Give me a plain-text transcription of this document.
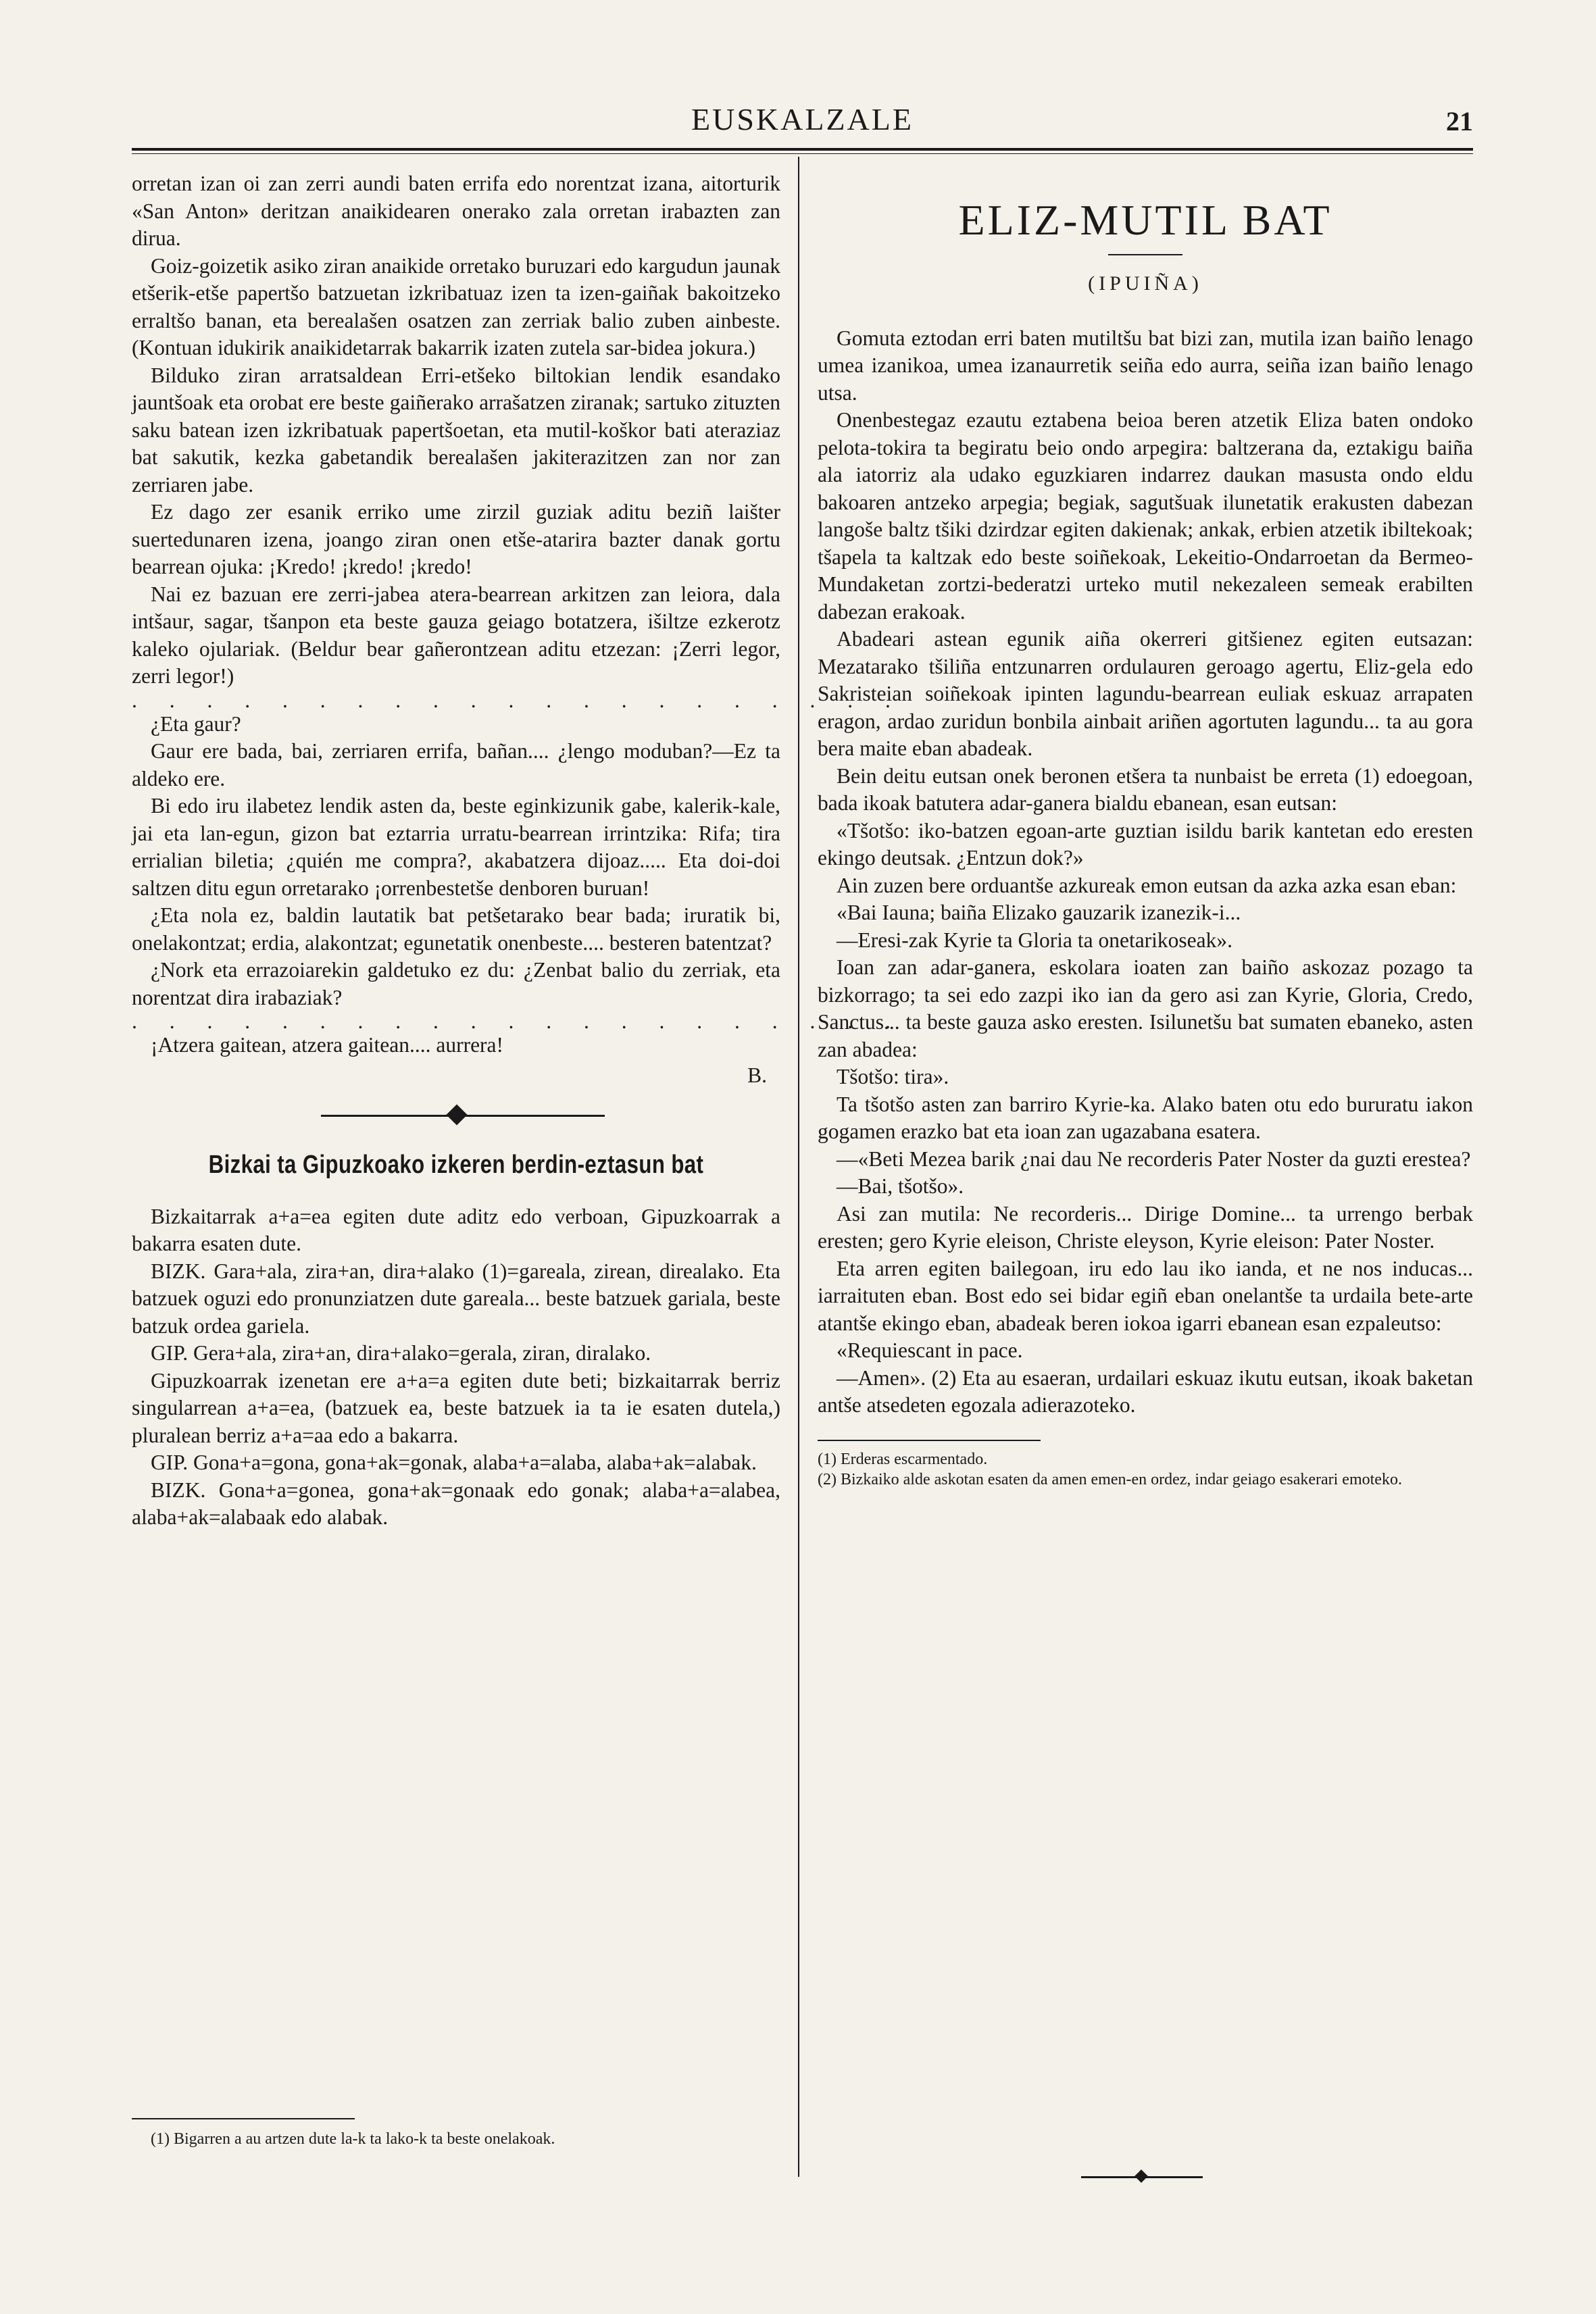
EUSKALZALE	21

orretan izan oi zan zerri aundi baten errifa edo norentzat izana, aitorturik «San Anton» deritzan anaikidearen onerako zala orretan irabazten zan dirua.

Goiz-goizetik asiko ziran anaikide orretako buruzari edo kargudun jaunak etšerik-etše papertšo batzuetan izkribatuaz izen ta izen-gaiñak bakoitzeko erraltšo banan, eta berealašen osatzen zan zerriak balio zuben ainbeste. (Kontuan idukirik anaikidetarrak bakarrik izaten zutela sar-bidea jokura.)

Bilduko ziran arratsaldean Erri-etšeko biltokian lendik esandako jauntšoak eta orobat ere beste gaiñerako arrašatzen ziranak; sartuko zituzten saku batean izen izkribatuak papertšoetan, eta mutil-koškor bati ateraziaz bat sakutik, kezka gabetandik berealašen jakiterazitzen zan nor zan zerriaren jabe.

Ez dago zer esanik erriko ume zirzil guziak aditu beziñ laišter suertedunaren izena, joango ziran onen etše-atarira bazter danak gortu bearrean ojuka: ¡Kredo! ¡kredo! ¡kredo!

Nai ez bazuan ere zerri-jabea atera-bearrean arkitzen zan leiora, dala intšaur, sagar, tšanpon eta beste gauza geiago botatzera, išiltze ezkerotz kaleko ojulariak. (Beldur bear gañerontzean aditu etzezan: ¡Zerri legor, zerri legor!)

. . . . . . . . . . . . . . . . . . . . .

¿Eta gaur?

Gaur ere bada, bai, zerriaren errifa, bañan.... ¿lengo moduban?—Ez ta aldeko ere.

Bi edo iru ilabetez lendik asten da, beste eginkizunik gabe, kalerik-kale, jai eta lan-egun, gizon bat eztarria urratu-bearrean irrintzika: Rifa; tira errialian biletia; ¿quién me compra?, akabatzera dijoaz..... Eta doi-doi saltzen ditu egun orretarako ¡orrenbestetše denboren buruan!

¿Eta nola ez, baldin lautatik bat petšetarako bear bada; iruratik bi, onelakontzat; erdia, alakontzat; egunetatik onenbeste.... besteren batentzat?

¿Nork eta errazoiarekin galdetuko ez du: ¿Zenbat balio du zerriak, eta norentzat dira irabaziak?

. . . . . . . . . . . . . . . . . . . . .

¡Atzera gaitean, atzera gaitean.... aurrera!

B.

Bizkai ta Gipuzkoako izkeren berdin-eztasun bat

Bizkaitarrak a+a=ea egiten dute aditz edo verboan, Gipuzkoarrak a bakarra esaten dute.

BIZK. Gara+ala, zira+an, dira+alako (1)=gareala, zirean, direalako. Eta batzuek oguzi edo pronunziatzen dute gareala... beste batzuek gariala, beste batzuk ordea gariela.

GIP. Gera+ala, zira+an, dira+alako=gerala, ziran, diralako.

Gipuzkoarrak izenetan ere a+a=a egiten dute beti; bizkaitarrak berriz singularrean a+a=ea, (batzuek ea, beste batzuek ia ta ie esaten dutela,) pluralean berriz a+a=aa edo a bakarra.

GIP. Gona+a=gona, gona+ak=gonak, alaba+a=alaba, alaba+ak=alabak.

BIZK. Gona+a=gonea, gona+ak=gonaak edo gonak; alaba+a=alabea, alaba+ak=alabaak edo alabak.

(1) Bigarren a au artzen dute la-k ta lako-k ta beste onelakoak.

ELIZ-MUTIL BAT
(IPUIÑA)

Gomuta eztodan erri baten mutiltšu bat bizi zan, mutila izan baiño lenago umea izanikoa, umea izanaurretik seiña edo aurra, seiña izan baiño lenago utsa.

Onenbestegaz ezautu eztabena beioa beren atzetik Eliza baten ondoko pelota-tokira ta begiratu beio ondo arpegira: baltzerana da, eztakigu baiña ala iatorriz ala udako eguzkiaren indarrez daukan masusta ondo eldu bakoaren antzeko arpegia; begiak, sagutšuak ilunetatik erakusten dabezan langoše baltz tšiki dzirdzar egiten dakienak; ankak, erbien atzetik ibiltekoak; tšapela ta kaltzak edo beste soiñekoak, Lekeitio-Ondarroetan da Bermeo-Mundaketan zortzi-bederatzi urteko mutil nekezaleen semeak erabilten dabezan erakoak.

Abadeari astean egunik aiña okerreri gitšienez egiten eutsazan: Mezatarako tšiliña entzunarren ordulauren geroago agertu, Eliz-gela edo Sakristeian soiñekoak ipinten lagundu-bearrean euliak eskuaz arrapaten eragon, ardao zuridun bonbila ainbait ariñen agortuten lagundu... ta au gora bera maite eban abadeak.

Bein deitu eutsan onek beronen etšera ta nunbaist be erreta (1) edoegoan, bada ikoak batutera adar-ganera bialdu ebanean, esan eutsan:

«Tšotšo: iko-batzen egoan-arte guztian isildu barik kantetan edo eresten ekingo deutsak. ¿Entzun dok?»

Ain zuzen bere orduantše azkureak emon eutsan da azka azka esan eban:

«Bai Iauna; baiña Elizako gauzarik izanezik-i...

—Eresi-zak Kyrie ta Gloria ta onetarikoseak».

Ioan zan adar-ganera, eskolara ioaten zan baiño askozaz pozago ta bizkorrago; ta sei edo zazpi iko ian da gero asi zan Kyrie, Gloria, Credo, Sanctus... ta beste gauza asko eresten. Isilunetšu bat sumaten ebaneko, asten zan abadea:

Tšotšo: tira».

Ta tšotšo asten zan barriro Kyrie-ka. Alako baten otu edo bururatu iakon gogamen erazko bat eta ioan zan ugazabana esatera.

—«Beti Mezea barik ¿nai dau Ne recorderis Pater Noster da guzti erestea?

—Bai, tšotšo».

Asi zan mutila: Ne recorderis... Dirige Domine... ta urrengo berbak eresten; gero Kyrie eleison, Christe eleyson, Kyrie eleison: Pater Noster.

Eta arren egiten bailegoan, iru edo lau iko ianda, et ne nos inducas... iarraituten eban. Bost edo sei bidar egiñ eban onelantše ta urdaila bete-arte atantše ekingo eban, abadeak beren iokoa igarri ebanean esan ezpaleutso:

«Requiescant in pace.

—Amen». (2) Eta au esaeran, urdailari eskuaz ikutu eutsan, ikoak baketan antše atsedeten egozala adierazoteko.

(1) Erderas escarmentado.

(2) Bizkaiko alde askotan esaten da amen emen-en ordez, indar geiago esakerari emoteko.
